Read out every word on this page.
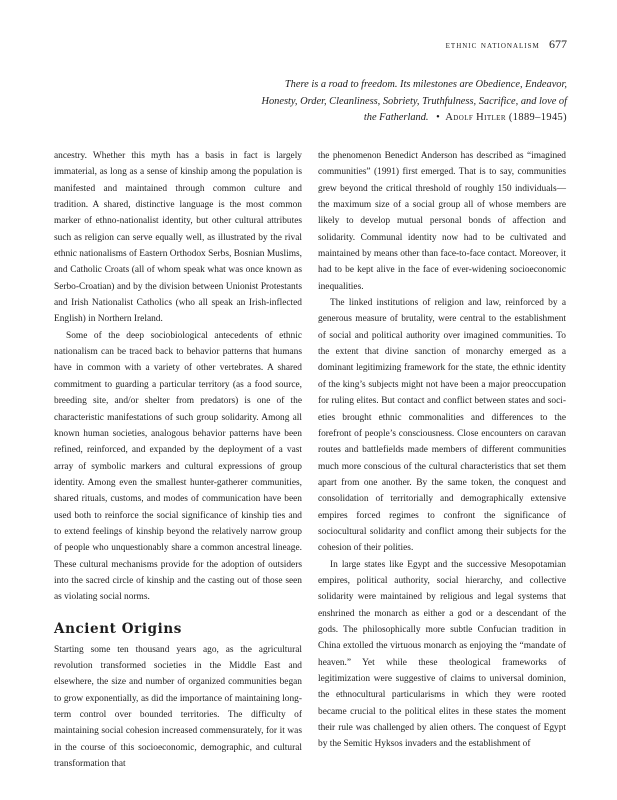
ethnic nationalism 677
There is a road to freedom. Its milestones are Obedience, Endeavor, Honesty, Order, Cleanliness, Sobriety, Truthfulness, Sacrifice, and love of the Fatherland. • Adolf Hitler (1889–1945)

ancestry. Whether this myth has a basis in fact is largely immaterial, as long as a sense of kinship among the population is manifested and maintained through common culture and tradition. A shared, distinctive language is the most common marker of ethno-nationalist identity, but other cultural attributes such as religion can serve equally well, as illustrated by the rival ethnic nationalisms of Eastern Orthodox Serbs, Bosnian Muslims, and Catholic Croats (all of whom speak what was once known as Serbo-Croatian) and by the division between Unionist Protestants and Irish Nationalist Catholics (who all speak an Irish-inflected English) in Northern Ireland.

Some of the deep sociobiological antecedents of ethnic nationalism can be traced back to behavior patterns that humans have in common with a variety of other vertebrates. A shared commitment to guarding a particular territory (as a food source, breeding site, and/or shelter from predators) is one of the characteristic manifestations of such group solidarity. Among all known human societies, analogous behavior patterns have been refined, reinforced, and expanded by the deployment of a vast array of symbolic markers and cultural expressions of group identity. Among even the smallest hunter-gatherer communities, shared rituals, customs, and modes of communication have been used both to reinforce the social significance of kinship ties and to extend feelings of kinship beyond the relatively narrow group of people who unquestionably share a common ancestral lineage. These cultural mechanisms provide for the adoption of outsiders into the sacred circle of kinship and the casting out of those seen as violating social norms.

Ancient Origins

Starting some ten thousand years ago, as the agricultural revolution transformed societies in the Middle East and elsewhere, the size and number of organized communities began to grow exponentially, as did the importance of maintaining long-term control over bounded territories. The difficulty of maintaining social cohesion increased commensurately, for it was in the course of this socioeconomic, demographic, and cultural transformation that

the phenomenon Benedict Anderson has described as “imagined communities” (1991) first emerged. That is to say, communities grew beyond the critical threshold of roughly 150 individuals—the maximum size of a social group all of whose members are likely to develop mutual personal bonds of affection and solidarity. Communal identity now had to be cultivated and maintained by means other than face-to-face contact. Moreover, it had to be kept alive in the face of ever-widening socioeconomic inequalities.

The linked institutions of religion and law, reinforced by a generous measure of brutality, were central to the establishment of social and political authority over imagined communities. To the extent that divine sanction of monarchy emerged as a dominant legitimizing framework for the state, the ethnic identity of the king’s subjects might not have been a major preoccupation for ruling elites. But contact and conflict between states and societies brought ethnic commonalities and differences to the forefront of people’s consciousness. Close encounters on caravan routes and battlefields made members of different communities much more conscious of the cultural characteristics that set them apart from one another. By the same token, the conquest and consolidation of territorially and demographically extensive empires forced regimes to confront the significance of sociocultural solidarity and conflict among their subjects for the cohesion of their polities.

In large states like Egypt and the successive Mesopotamian empires, political authority, social hierarchy, and collective solidarity were maintained by religious and legal systems that enshrined the monarch as either a god or a descendant of the gods. The philosophically more subtle Confucian tradition in China extolled the virtuous monarch as enjoying the “mandate of heaven.” Yet while these theological frameworks of legitimization were suggestive of claims to universal dominion, the ethnocultural particularisms in which they were rooted became crucial to the political elites in these states the moment their rule was challenged by alien others. The conquest of Egypt by the Semitic Hyksos invaders and the establishment of
